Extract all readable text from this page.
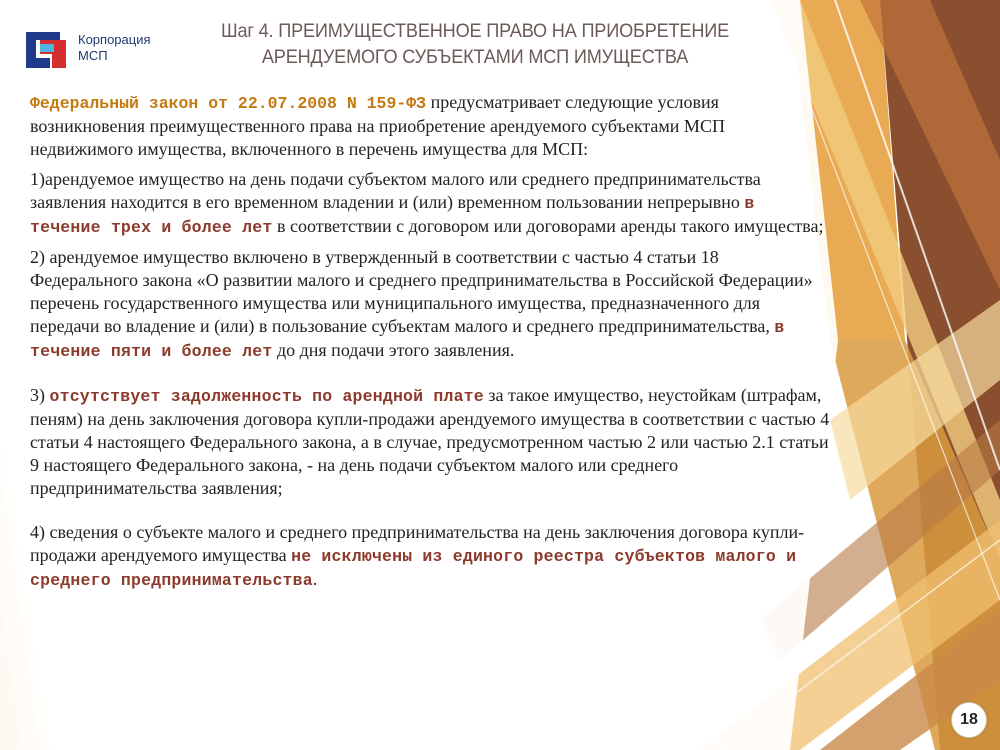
Корпорация
МСП
Шаг 4. ПРЕИМУЩЕСТВЕННОЕ ПРАВО НА ПРИОБРЕТЕНИЕ
АРЕНДУЕМОГО СУБЪЕКТАМИ МСП ИМУЩЕСТВА

Федеральный закон от 22.07.2008 N 159-ФЗ предусматривает следующие условия возникновения преимущественного права на приобретение арендуемого субъектами МСП недвижимого имущества, включенного в перечень имущества для МСП:

1)арендуемое имущество на день подачи субъектом малого или среднего предпринимательства заявления находится в его временном владении и (или) временном пользовании непрерывно в течение трех и более лет в соответствии с договором или договорами аренды такого имущества;

2) арендуемое имущество включено в утвержденный в соответствии с частью 4 статьи 18 Федерального закона «О развитии малого и среднего предпринимательства в Российской Федерации» перечень государственного имущества или муниципального имущества, предназначенного для передачи во владение и (или) в пользование субъектам малого и среднего предпринимательства, в течение пяти и более лет до дня подачи этого заявления.

3) отсутствует задолженность по арендной плате за такое имущество, неустойкам (штрафам, пеням) на день заключения договора купли-продажи арендуемого имущества в соответствии с частью 4 статьи 4 настоящего Федерального закона, а в случае, предусмотренном частью 2 или частью 2.1 статьи 9 настоящего Федерального закона, - на день подачи субъектом малого или среднего предпринимательства заявления;

4) сведения о субъекте малого и среднего предпринимательства на день заключения договора купли-продажи арендуемого имущества не исключены из единого реестра субъектов малого и среднего предпринимательства.

18
